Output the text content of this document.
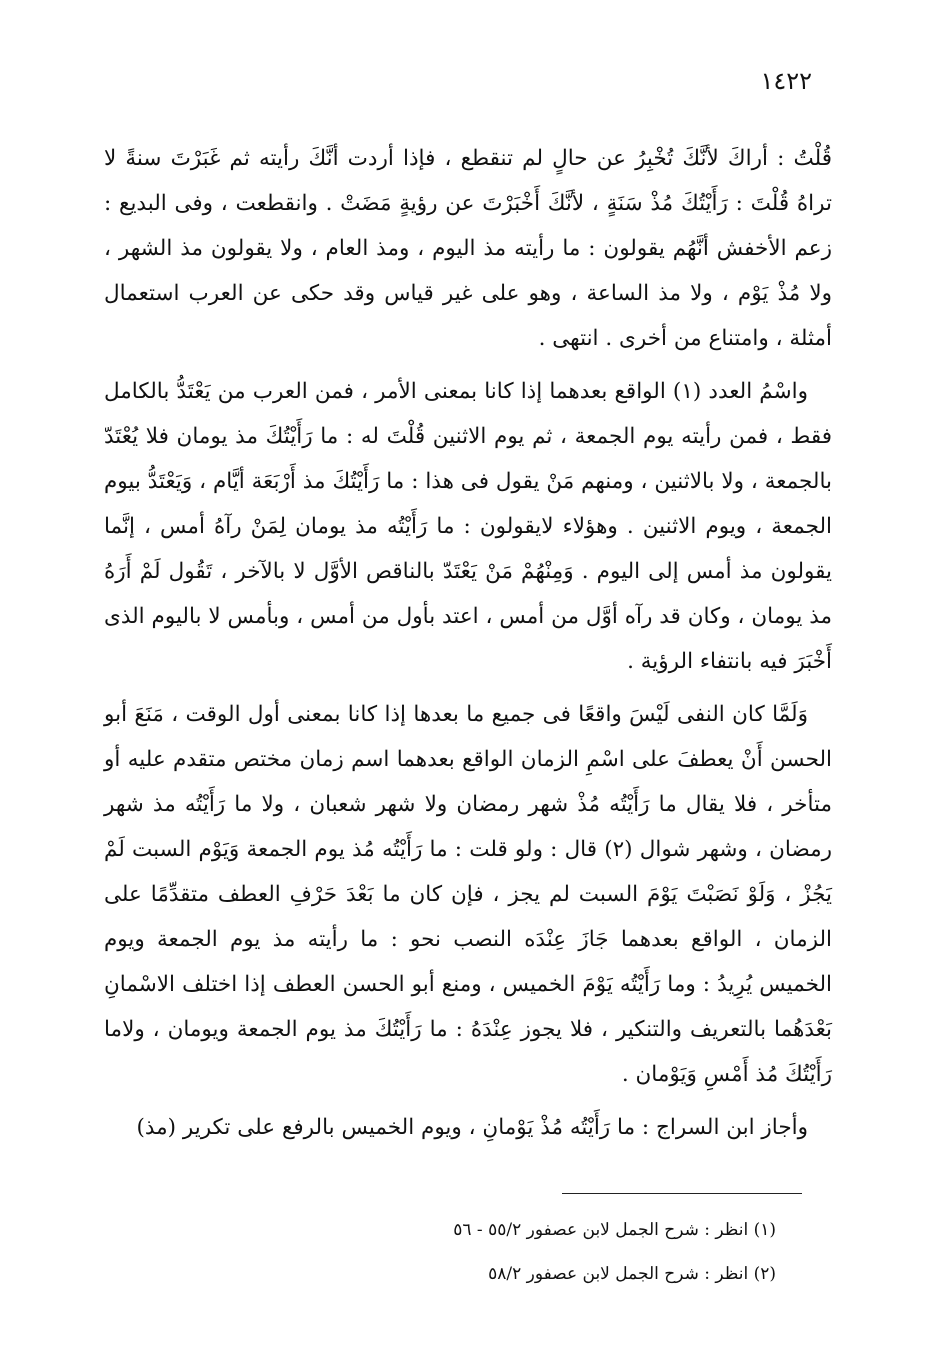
١٤٢٢

قُلْتُ : أراكَ لأنَّكَ تُخْبِرُ عن حالٍ لم تنقطع ، فإذا أردت أنَّكَ رأيته ثم غَبَرْتَ سنةً لا تراهُ قُلْتَ : رَأَيْتُكَ مُذْ سَنَةٍ ، لأنَّكَ أَخْبَرْتَ عن رؤيةٍ مَضَتْ . وانقطعت ، وفى البديع : زعم الأخفش أنَّهُم يقولون : ما رأيته مذ اليوم ، ومذ العام ، ولا يقولون مذ الشهر ، ولا مُذْ يَوْم ، ولا مذ الساعة ، وهو على غير قياس وقد حكى عن العرب استعمال أمثلة ، وامتناع من أخرى . انتهى .

واسْمُ العدد (١) الواقع بعدهما إذا كانا بمعنى الأمر ، فمن العرب من يَعْتَدُّ بالكامل فقط ، فمن رأيته يوم الجمعة ، ثم يوم الاثنين قُلْتَ له : ما رَأَيْتُكَ مذ يومان فلا يُعْتَدّ بالجمعة ، ولا بالاثنين ، ومنهم مَنْ يقول فى هذا : ما رَأَيْتُكَ مذ أَرْبَعَة أيَّام ، وَيَعْتَدُّ بيوم الجمعة ، ويوم الاثنين . وهؤلاء لايقولون : ما رَأَيْتُه مذ يومان لِمَنْ رآهُ أمس ، إنَّما يقولون مذ أمس إلى اليوم . وَمِنْهُمْ مَنْ يَعْتَدّ بالناقص الأوَّل لا بالآخر ، تَقُول لَمْ أَرَهُ مذ يومان ، وكان قد رآه أوَّل من أمس ، اعتد بأول من أمس ، وبأمس لا باليوم الذى أَخْبَرَ فيه بانتفاء الرؤية .

وَلَمَّا كان النفى لَيْسَ واقعًا فى جميع ما بعدها إذا كانا بمعنى أول الوقت ، مَنَعَ أبو الحسن أَنْ يعطفَ على اسْمِ الزمان الواقع بعدهما اسم زمان مختص متقدم عليه أو متأخر ، فلا يقال ما رَأَيْتُه مُذْ شهر رمضان ولا شهر شعبان ، ولا ما رَأَيْتُه مذ شهر رمضان ، وشهر شوال (٢) قال : ولو قلت : ما رَأَيْتُه مُذ يوم الجمعة وَيَوْم السبت لَمْ يَجُزْ ، وَلَوْ نَصَبْتَ يَوْمَ السبت لم يجز ، فإن كان ما بَعْدَ حَرْفِ العطف متقدِّمًا على الزمان ، الواقع بعدهما جَازَ عِنْدَه النصب نحو : ما رأيته مذ يوم الجمعة ويوم الخميس يُرِيدُ : وما رَأَيْتُه يَوْمَ الخميس ، ومنع أبو الحسن العطف إذا اختلف الاسْمانِ بَعْدَهُما بالتعريف والتنكير ، فلا يجوز عِنْدَهُ : ما رَأَيْتُكَ مذ يوم الجمعة ويومان ، ولاما رَأَيْتُكَ مُذ أَمْسِ وَيَوْمان .

وأجاز ابن السراج : ما رَأَيْتُه مُذْ يَوْمانِ ، ويوم الخميس بالرفع على تكرير (مذ)

(١) انظر : شرح الجمل لابن عصفور ٥٥/٢ - ٥٦

(٢) انظر : شرح الجمل لابن عصفور ٥٨/٢
